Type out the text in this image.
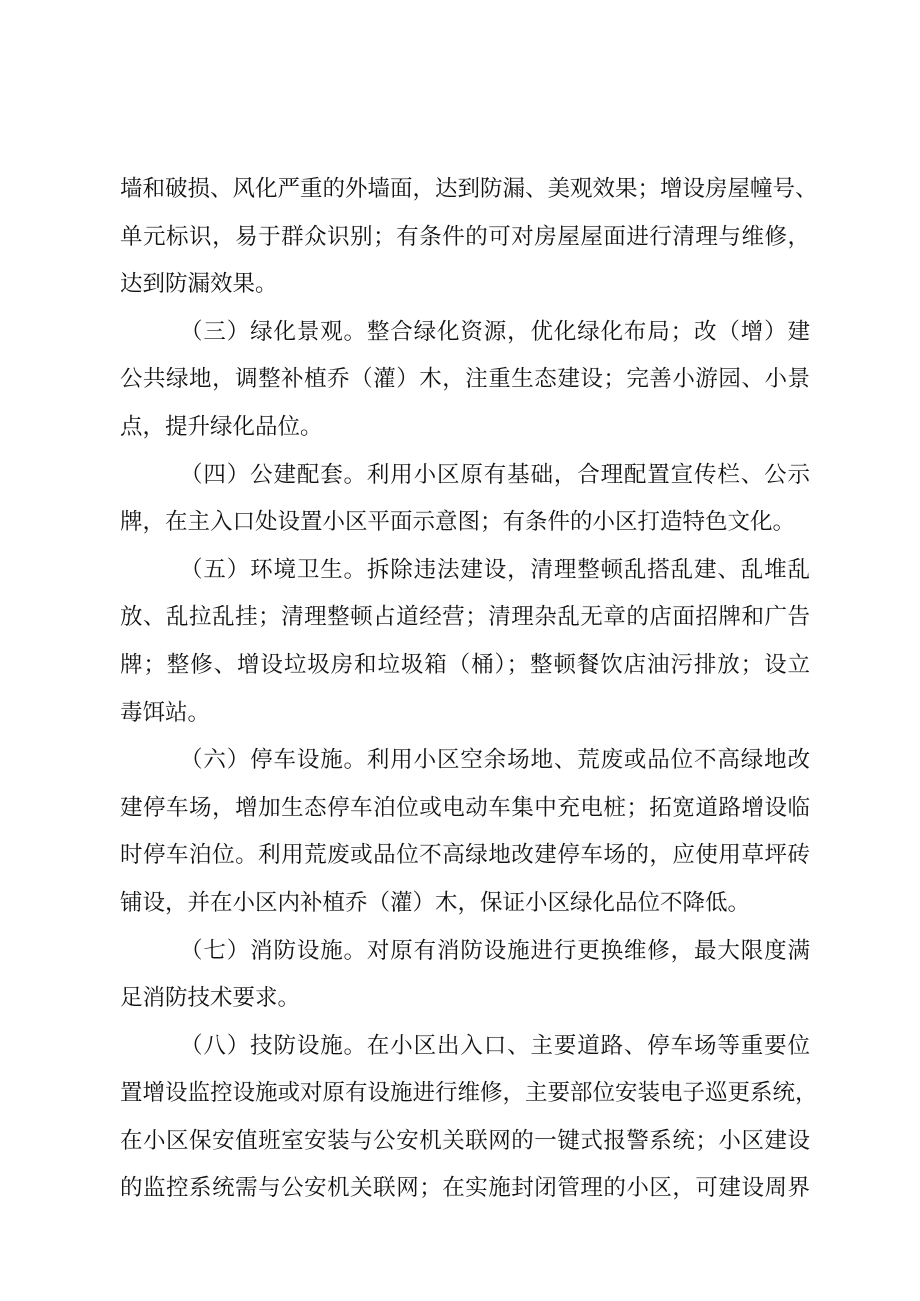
墙和破损、风化严重的外墙面，达到防漏、美观效果；增设房屋幢号、
单元标识，易于群众识别；有条件的可对房屋屋面进行清理与维修，
达到防漏效果。
（三）绿化景观。整合绿化资源，优化绿化布局；改（增）建
公共绿地，调整补植乔（灌）木，注重生态建设；完善小游园、小景
点，提升绿化品位。
（四）公建配套。利用小区原有基础，合理配置宣传栏、公示
牌，在主入口处设置小区平面示意图；有条件的小区打造特色文化。
（五）环境卫生。拆除违法建设，清理整顿乱搭乱建、乱堆乱
放、乱拉乱挂；清理整顿占道经营；清理杂乱无章的店面招牌和广告
牌；整修、增设垃圾房和垃圾箱（桶）；整顿餐饮店油污排放；设立
毒饵站。
（六）停车设施。利用小区空余场地、荒废或品位不高绿地改
建停车场，增加生态停车泊位或电动车集中充电桩；拓宽道路增设临
时停车泊位。利用荒废或品位不高绿地改建停车场的，应使用草坪砖
铺设，并在小区内补植乔（灌）木，保证小区绿化品位不降低。
（七）消防设施。对原有消防设施进行更换维修，最大限度满
足消防技术要求。
（八）技防设施。在小区出入口、主要道路、停车场等重要位
置增设监控设施或对原有设施进行维修，主要部位安装电子巡更系统，
在小区保安值班室安装与公安机关联网的一键式报警系统；小区建设
的监控系统需与公安机关联网；在实施封闭管理的小区，可建设周界
